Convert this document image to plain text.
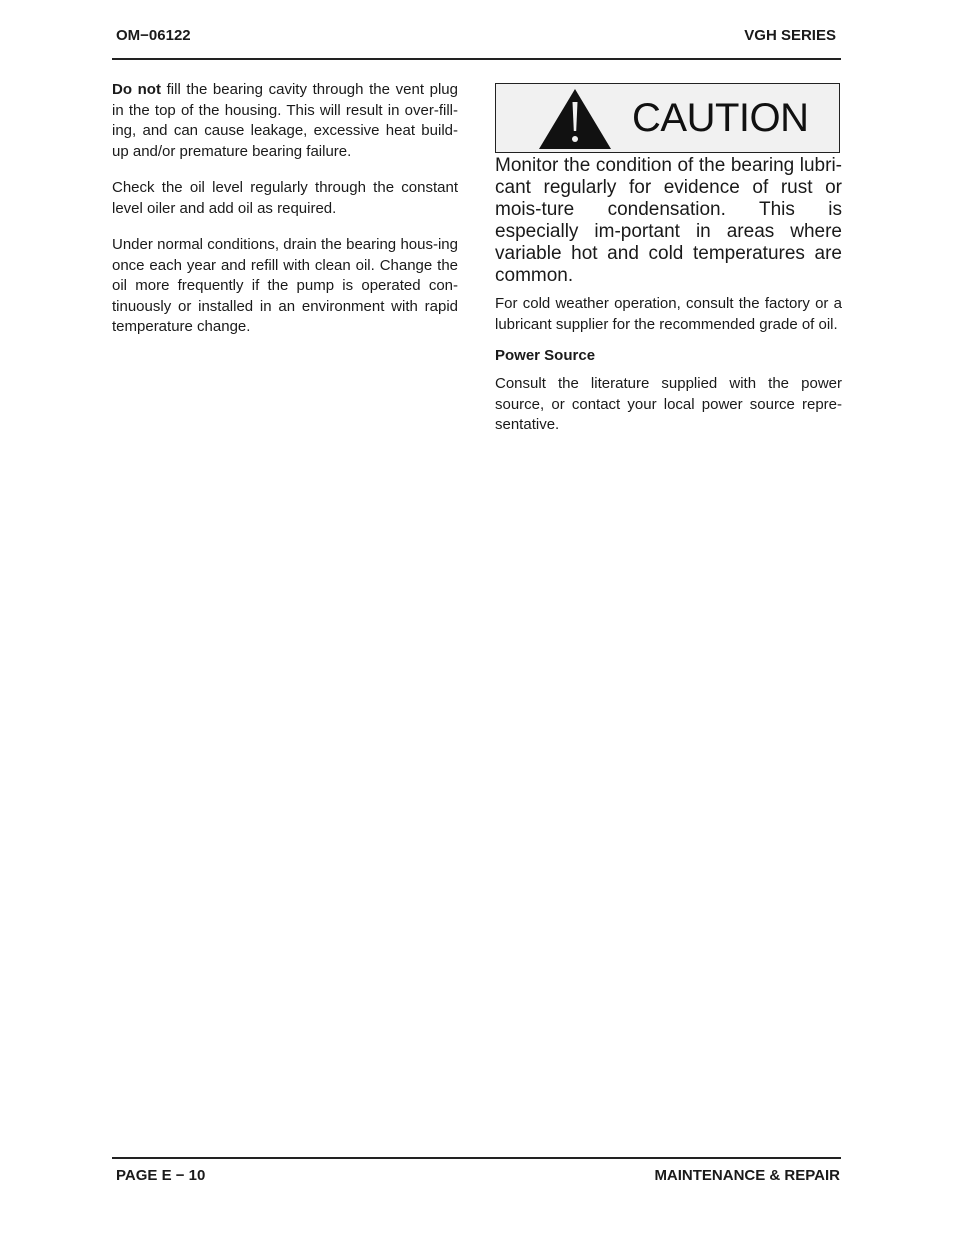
OM−06122	VGH SERIES

Do not fill the bearing cavity through the vent plug in the top of the housing. This will result in over-fill-ing, and can cause leakage, excessive heat build-up and/or premature bearing failure.

Check the oil level regularly through the constant level oiler and add oil as required.

Under normal conditions, drain the bearing hous-ing once each year and refill with clean oil. Change the oil more frequently if the pump is operated con-tinuously or installed in an environment with rapid temperature change.

CAUTION

Monitor the condition of the bearing lubri-cant regularly for evidence of rust or mois-ture condensation. This is especially im-portant in areas where variable hot and cold temperatures are common.

For cold weather operation, consult the factory or a lubricant supplier for the recommended grade of oil.

Power Source

Consult the literature supplied with the power source, or contact your local power source repre-sentative.

PAGE E − 10	MAINTENANCE & REPAIR
